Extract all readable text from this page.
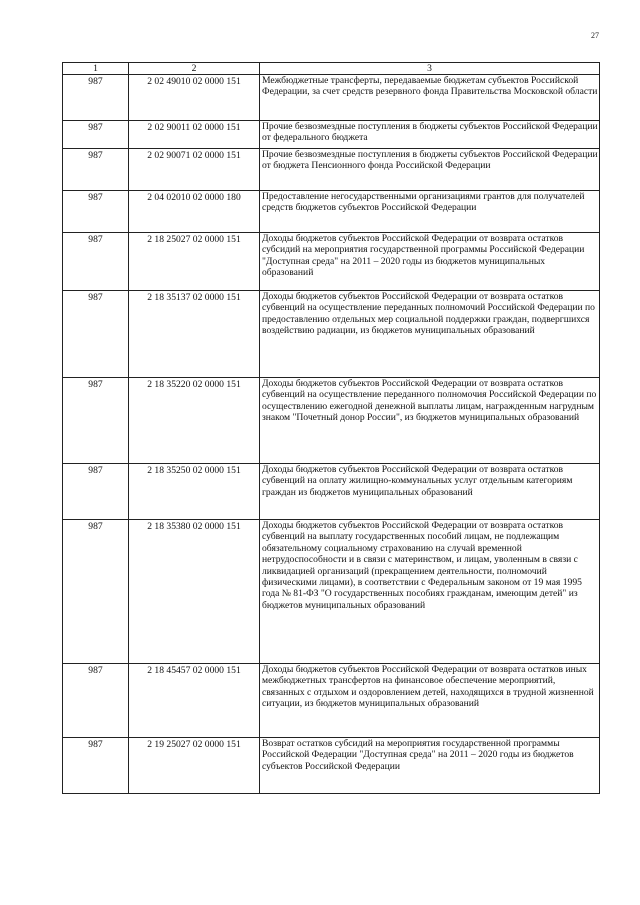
27
1	2	3
987	2 02 49010 02 0000 151	Межбюджетные трансферты, передаваемые бюджетам субъектов Российской Федерации, за счет средств резервного фонда Правительства Московской области
987	2 02 90011 02 0000 151	Прочие безвозмездные поступления в бюджеты субъектов Российской Федерации от федерального бюджета
987	2 02 90071 02 0000 151	Прочие безвозмездные поступления в бюджеты субъектов Российской Федерации от бюджета Пенсионного фонда Российской Федерации
987	2 04 02010 02 0000 180	Предоставление негосударственными организациями грантов для получателей средств бюджетов субъектов Российской Федерации
987	2 18 25027 02 0000 151	Доходы бюджетов субъектов Российской Федерации от возврата остатков субсидий на мероприятия государственной программы Российской Федерации "Доступная среда" на 2011 – 2020 годы из бюджетов муниципальных образований
987	2 18 35137 02 0000 151	Доходы бюджетов субъектов Российской Федерации от возврата остатков субвенций на осуществление переданных полномочий Российской Федерации по предоставлению отдельных мер социальной поддержки граждан, подвергшихся воздействию радиации, из бюджетов муниципальных образований
987	2 18 35220 02 0000 151	Доходы бюджетов субъектов Российской Федерации от возврата остатков субвенций на осуществление переданного полномочия Российской Федерации по осуществлению ежегодной денежной выплаты лицам, награжденным нагрудным знаком "Почетный донор России", из бюджетов муниципальных образований
987	2 18 35250 02 0000 151	Доходы бюджетов субъектов Российской Федерации от возврата остатков субвенций на оплату жилищно-коммунальных услуг отдельным категориям граждан из бюджетов муниципальных образований
987	2 18 35380 02 0000 151	Доходы бюджетов субъектов Российской Федерации от возврата остатков субвенций на выплату государственных пособий лицам, не подлежащим обязательному социальному страхованию на случай временной нетрудоспособности и в связи с материнством, и лицам, уволенным в связи с ликвидацией организаций (прекращением деятельности, полномочий физическими лицами), в соответствии с Федеральным законом от 19 мая 1995 года № 81-ФЗ "О государственных пособиях гражданам, имеющим детей" из бюджетов муниципальных образований
987	2 18 45457 02 0000 151	Доходы бюджетов субъектов Российской Федерации от возврата остатков иных межбюджетных трансфертов на финансовое обеспечение мероприятий, связанных с отдыхом и оздоровлением детей, находящихся в трудной жизненной ситуации, из бюджетов муниципальных образований
987	2 19 25027 02 0000 151	Возврат остатков субсидий на мероприятия государственной программы Российской Федерации "Доступная среда" на 2011 – 2020 годы из бюджетов субъектов Российской Федерации
